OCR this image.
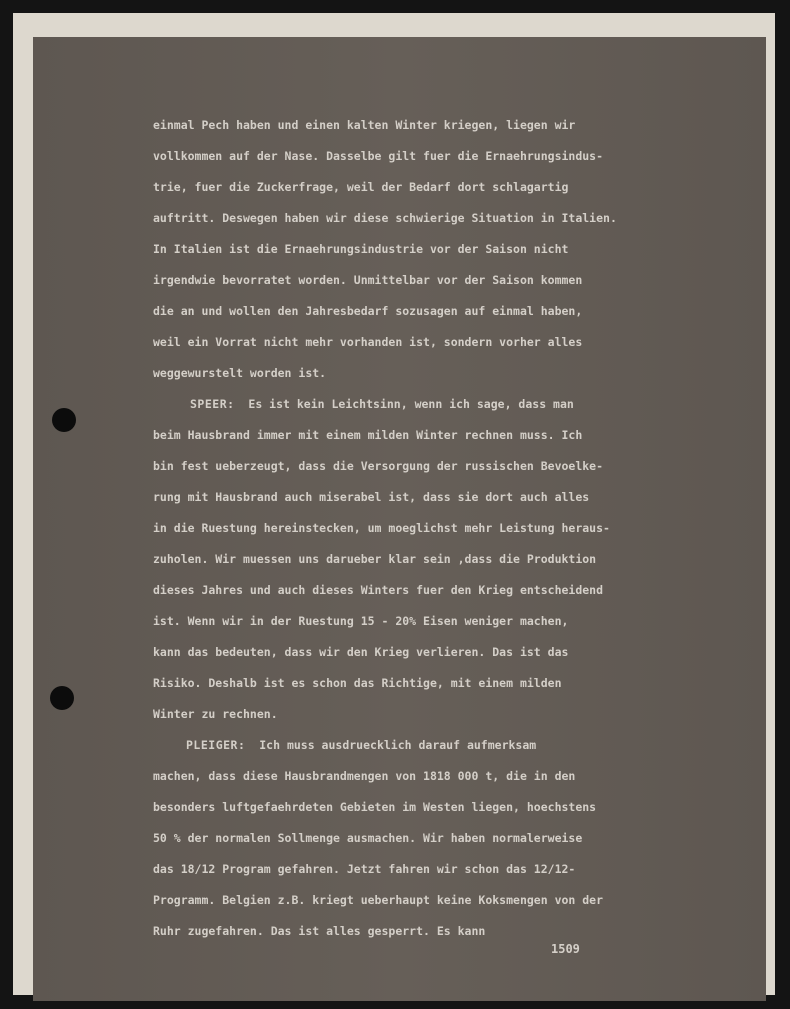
einmal Pech haben und einen kalten Winter kriegen, liegen wir
vollkommen auf der Nase. Dasselbe gilt fuer die Ernaehrungsindus-
trie, fuer die Zuckerfrage, weil der Bedarf dort schlagartig
auftritt. Deswegen haben wir diese schwierige Situation in Italien.
In Italien ist die Ernaehrungsindustrie vor der Saison nicht
irgendwie bevorratet worden. Unmittelbar vor der Saison kommen
die an und wollen den Jahresbedarf sozusagen auf einmal haben,
weil ein Vorrat nicht mehr vorhanden ist, sondern vorher alles
weggewurstelt worden ist.
SPEER: Es ist kein Leichtsinn, wenn ich sage, dass man
beim Hausbrand immer mit einem milden Winter rechnen muss. Ich
bin fest ueberzeugt, dass die Versorgung der russischen Bevoelke-
rung mit Hausbrand auch miserabel ist, dass sie dort auch alles
in die Ruestung hereinstecken, um moeglichst mehr Leistung heraus-
zuholen. Wir muessen uns darueber klar sein ,dass die Produktion
dieses Jahres und auch dieses Winters fuer den Krieg entscheidend
ist. Wenn wir in der Ruestung 15 - 20% Eisen weniger machen,
kann das bedeuten, dass wir den Krieg verlieren. Das ist das
Risiko. Deshalb ist es schon das Richtige, mit einem milden
Winter zu rechnen.
PLEIGER: Ich muss ausdruecklich darauf aufmerksam
machen, dass diese Hausbrandmengen von 1818 000 t, die in den
besonders luftgefaehrdeten Gebieten im Westen liegen, hoechstens
50 % der normalen Sollmenge ausmachen. Wir haben normalerweise
das 18/12 Program gefahren. Jetzt fahren wir schon das 12/12-
Programm. Belgien z.B. kriegt ueberhaupt keine Koksmengen von der
Ruhr zugefahren. Das ist alles gesperrt. Es kann
1509
